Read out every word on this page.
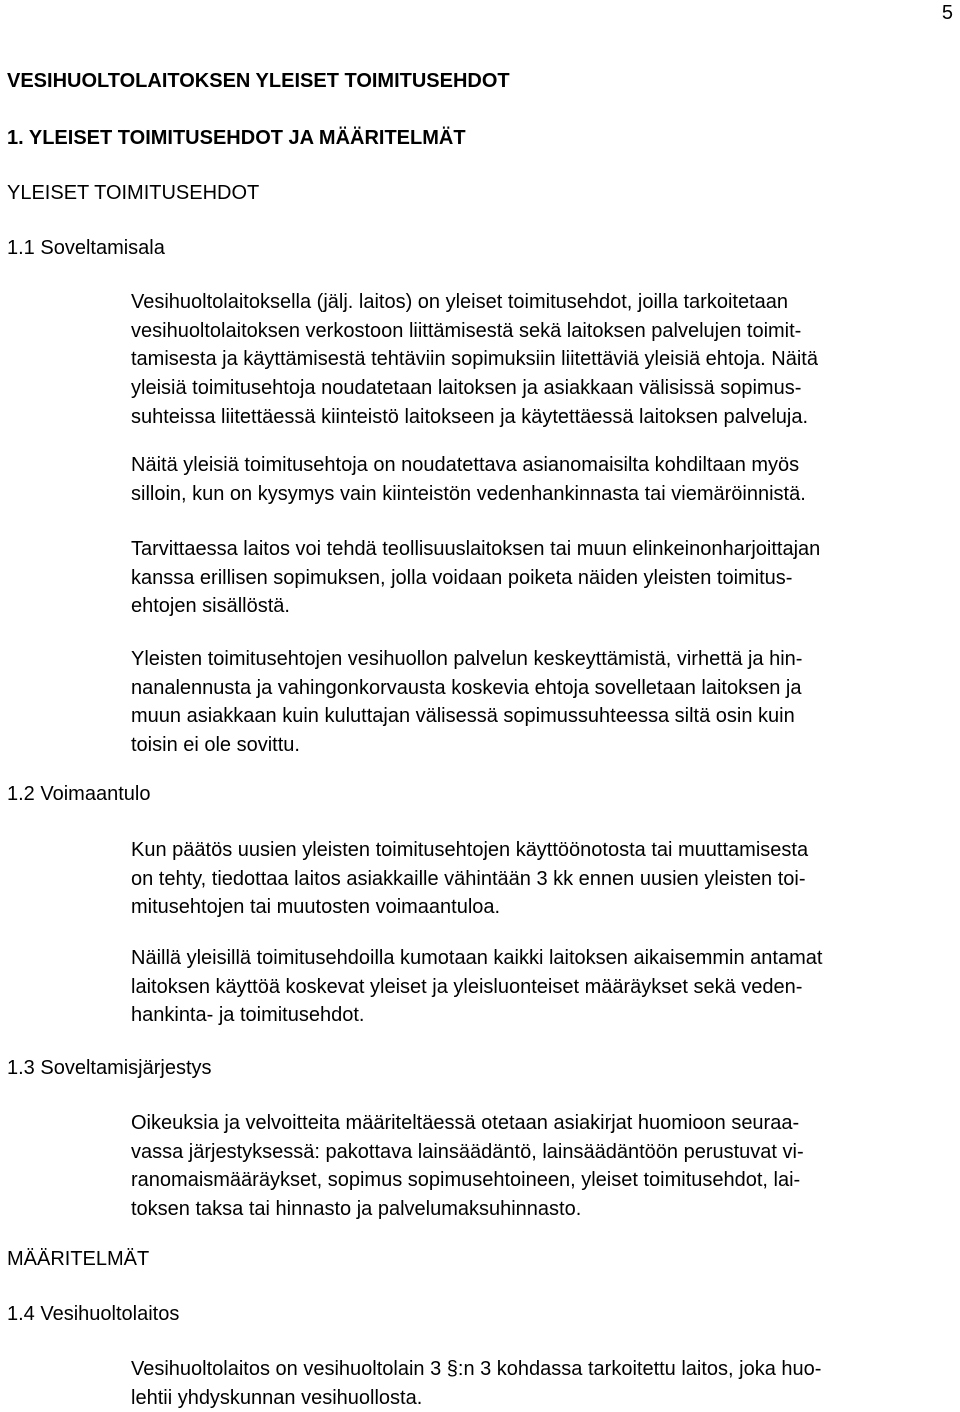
5
VESIHUOLTOLAITOKSEN YLEISET TOIMITUSEHDOT
1. YLEISET TOIMITUSEHDOT JA MÄÄRITELMÄT
YLEISET TOIMITUSEHDOT
1.1 Soveltamisala
Vesihuoltolaitoksella (jälj. laitos) on yleiset toimitusehdot, joilla tarkoitetaan
vesihuoltolaitoksen verkostoon liittämisestä sekä laitoksen palvelujen toimit-
tamisesta ja käyttämisestä tehtäviin sopimuksiin liitettäviä yleisiä ehtoja. Näitä
yleisiä toimitusehtoja noudatetaan laitoksen ja asiakkaan välisissä sopimus-
suhteissa liitettäessä kiinteistö laitokseen ja käytettäessä laitoksen palveluja.
Näitä yleisiä toimitusehtoja on noudatettava asianomaisilta kohdiltaan myös
silloin, kun on kysymys vain kiinteistön vedenhankinnasta tai viemäröinnistä.
Tarvittaessa laitos voi tehdä teollisuuslaitoksen tai muun elinkeinonharjoittajan
kanssa erillisen sopimuksen, jolla voidaan poiketa näiden yleisten toimitus-
ehtojen sisällöstä.
Yleisten toimitusehtojen vesihuollon palvelun keskeyttämistä, virhettä ja hin-
nanalennusta ja vahingonkorvausta koskevia ehtoja sovelletaan laitoksen ja
muun asiakkaan kuin kuluttajan välisessä sopimussuhteessa siltä osin kuin
toisin ei ole sovittu.
1.2 Voimaantulo
Kun päätös uusien yleisten toimitusehtojen käyttöönotosta tai muuttamisesta
on tehty, tiedottaa laitos asiakkaille vähintään 3 kk ennen uusien yleisten toi-
mitusehtojen tai muutosten voimaantuloa.
Näillä yleisillä toimitusehdoilla kumotaan kaikki laitoksen aikaisemmin antamat
laitoksen käyttöä koskevat yleiset ja yleisluonteiset määräykset sekä veden-
hankinta- ja toimitusehdot.
1.3 Soveltamisjärjestys
Oikeuksia ja velvoitteita määriteltäessä otetaan asiakirjat huomioon seuraa-
vassa järjestyksessä: pakottava lainsäädäntö, lainsäädäntöön perustuvat vi-
ranomaismääräykset, sopimus sopimusehtoineen, yleiset toimitusehdot, lai-
toksen taksa tai hinnasto ja palvelumaksuhinnasto.
MÄÄRITELMÄT
1.4 Vesihuoltolaitos
Vesihuoltolaitos on vesihuoltolain 3 §:n 3 kohdassa tarkoitettu laitos, joka huo-
lehtii yhdyskunnan vesihuollosta.
